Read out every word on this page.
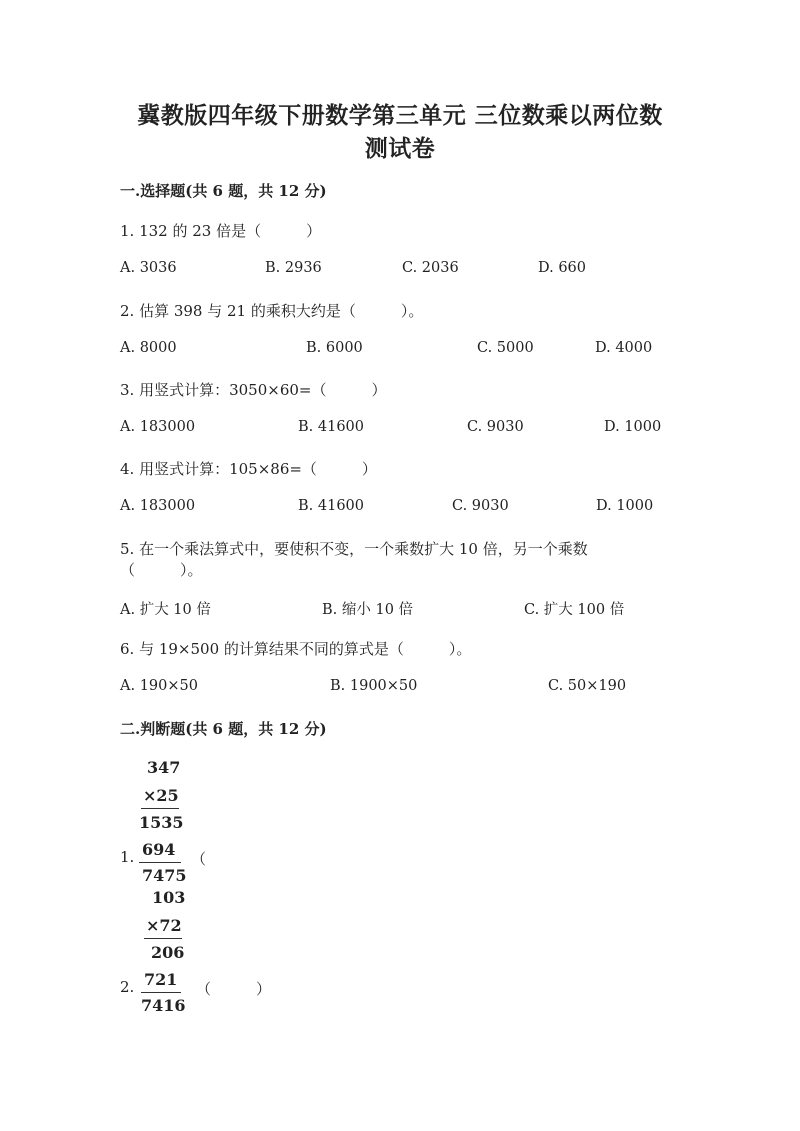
冀教版四年级下册数学第三单元 三位数乘以两位数
测试卷
一.选择题(共 6 题，共 12 分)
1. 132 的 23 倍是（　　　）
A. 3036	B. 2936	C. 2036	D. 660
2. 估算 398 与 21 的乘积大约是（　　　）。
A. 8000	B. 6000	C. 5000	D. 4000
3. 用竖式计算：3050×60=（　　　）
A. 183000	B. 41600	C. 9030	D. 1000
4. 用竖式计算：105×86=（　　　）
A. 183000	B. 41600	C. 9030	D. 1000
5. 在一个乘法算式中，要使积不变，一个乘数扩大 10 倍，另一个乘数
（　　　）。
A. 扩大 10 倍	B. 缩小 10 倍	C. 扩大 100 倍
6. 与 19×500 的计算结果不同的算式是（　　　）。
A. 190×50	B. 1900×50	C. 50×190
二.判断题(共 6 题，共 12 分)
347
×25
1535
1. 694
7475
（
103
×72
206
2. 721
7416
（　　　）
